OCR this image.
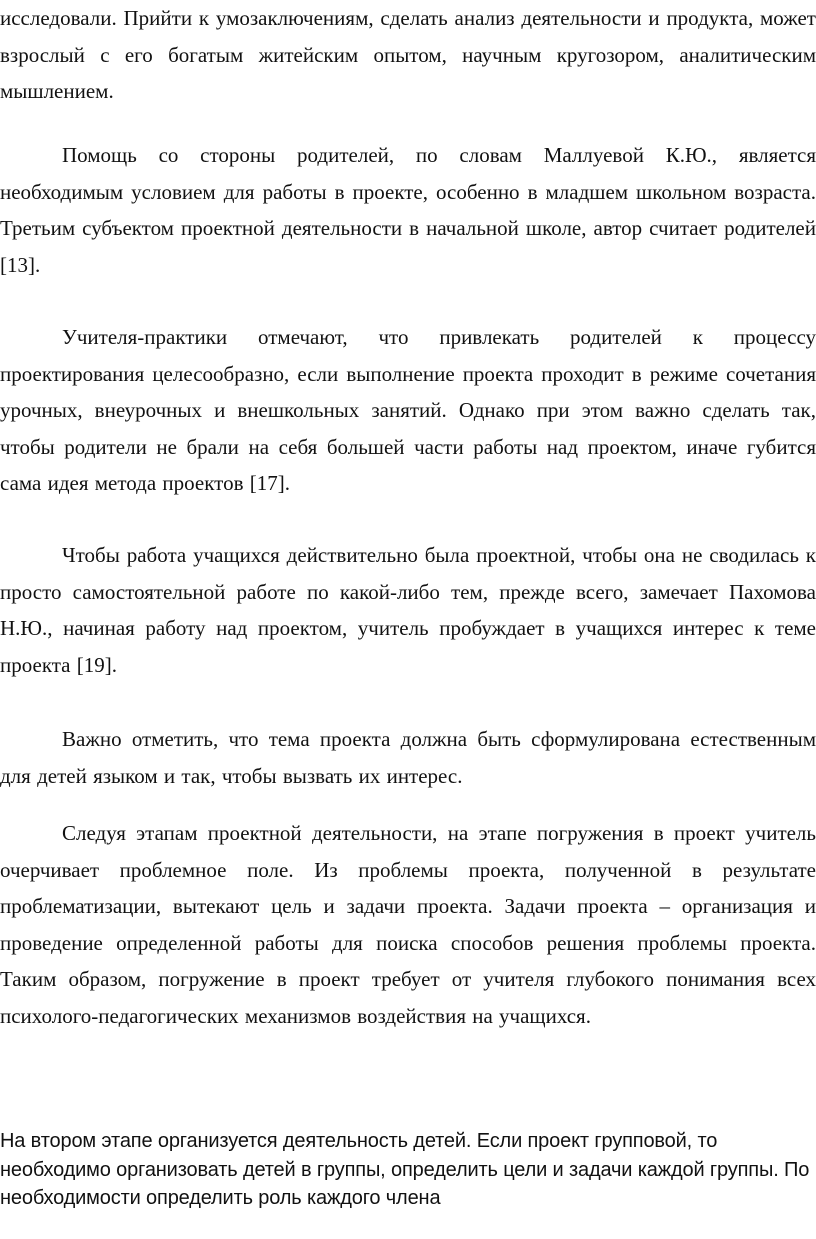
исследовали. Прийти к умозаключениям, сделать анализ деятельности и продукта, может взрослый с его богатым житейским опытом, научным кругозором, аналитическим мышлением.

Помощь со стороны родителей, по словам Маллуевой К.Ю., является необходимым условием для работы в проекте, особенно в младшем школьном возраста. Третьим субъектом проектной деятельности в начальной школе, автор считает родителей [13].

Учителя-практики отмечают, что привлекать родителей к процессу проектирования целесообразно, если выполнение проекта проходит в режиме сочетания урочных, внеурочных и внешкольных занятий. Однако при этом важно сделать так, чтобы родители не брали на себя большей части работы над проектом, иначе губится сама идея метода проектов [17].

Чтобы работа учащихся действительно была проектной, чтобы она не сводилась к просто самостоятельной работе по какой-либо тем, прежде всего, замечает Пахомова Н.Ю., начиная работу над проектом, учитель пробуждает в учащихся интерес к теме проекта [19].

Важно отметить, что тема проекта должна быть сформулирована естественным для детей языком и так, чтобы вызвать их интерес.

Следуя этапам проектной деятельности, на этапе погружения в проект учитель очерчивает проблемное поле. Из проблемы проекта, полученной в результате проблематизации, вытекают цель и задачи проекта. Задачи проекта – организация и проведение определенной работы для поиска способов решения проблемы проекта. Таким образом, погружение в проект требует от учителя глубокого понимания всех психолого-педагогических механизмов воздействия на учащихся.

На втором этапе организуется деятельность детей. Если проект групповой, то необходимо организовать детей в группы, определить цели и задачи каждой группы. По необходимости определить роль каждого члена
